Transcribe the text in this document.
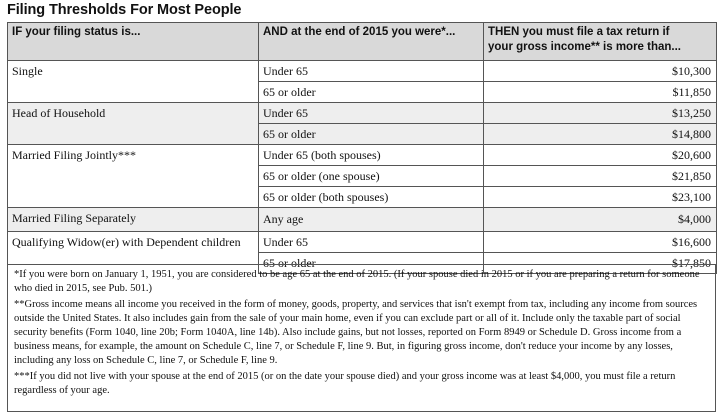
Filing Thresholds For Most People
IF your filing status is...	AND at the end of 2015 you were*...	THEN you must file a tax return if
your gross income** is more than...

Single	Under 65	$10,300
	65 or older	$11,850
Head of Household	Under 65	$13,250
	65 or older	$14,800
Married Filing Jointly***	Under 65 (both spouses)	$20,600
	65 or older (one spouse)	$21,850
	65 or older (both spouses)	$23,100
Married Filing Separately	Any age	$4,000
Qualifying Widow(er) with Dependent children	Under 65	$16,600
	65 or older	$17,850

*If you were born on January 1, 1951, you are considered to be age 65 at the end of 2015. (If your spouse died in 2015 or if you are preparing a return for someone who died in 2015, see Pub. 501.)

**Gross income means all income you received in the form of money, goods, property, and services that isn't exempt from tax, including any income from sources outside the United States. It also includes gain from the sale of your main home, even if you can exclude part or all of it. Include only the taxable part of social security benefits (Form 1040, line 20b; Form 1040A, line 14b). Also include gains, but not losses, reported on Form 8949 or Schedule D. Gross income from a business means, for example, the amount on Schedule C, line 7, or Schedule F, line 9. But, in figuring gross income, don't reduce your income by any losses, including any loss on Schedule C, line 7, or Schedule F, line 9.

***If you did not live with your spouse at the end of 2015 (or on the date your spouse died) and your gross income was at least $4,000, you must file a return regardless of your age.
